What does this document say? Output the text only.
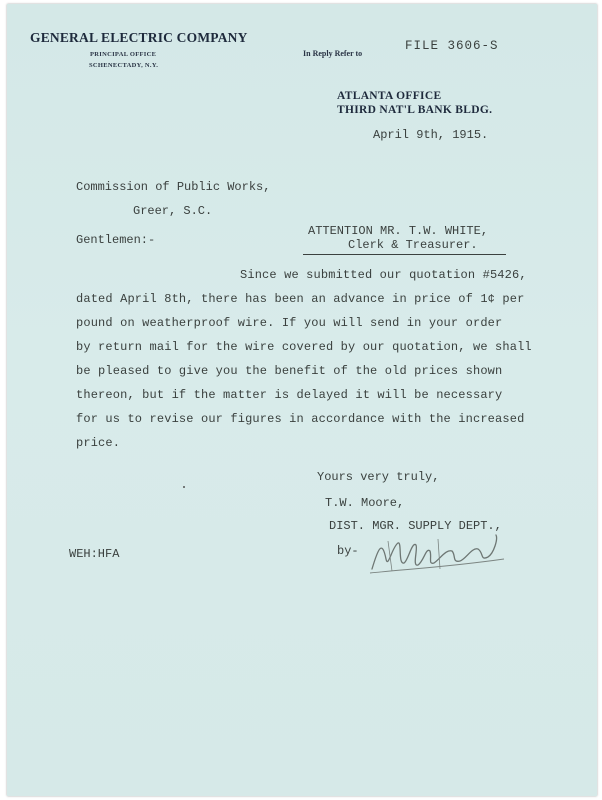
GENERAL ELECTRIC COMPANY
PRINCIPAL OFFICE
SCHENECTADY, N.Y.
In Reply Refer to
FILE 3606-S
ATLANTA OFFICE
THIRD NAT'L BANK BLDG.
April 9th, 1915.
Commission of Public Works,
Greer, S.C.
Gentlemen:-
ATTENTION MR. T.W. WHITE,
Clerk & Treasurer.
Since we submitted our quotation #5426,
dated April 8th, there has been an advance in price of 1¢ per
pound on weatherproof wire. If you will send in your order
by return mail for the wire covered by our quotation, we shall
be pleased to give you the benefit of the old prices shown
thereon, but if the matter is delayed it will be necessary
for us to revise our figures in accordance with the increased
price.
Yours very truly,
T.W. Moore,
DIST. MGR. SUPPLY DEPT.,
by-
WEH:HFA
